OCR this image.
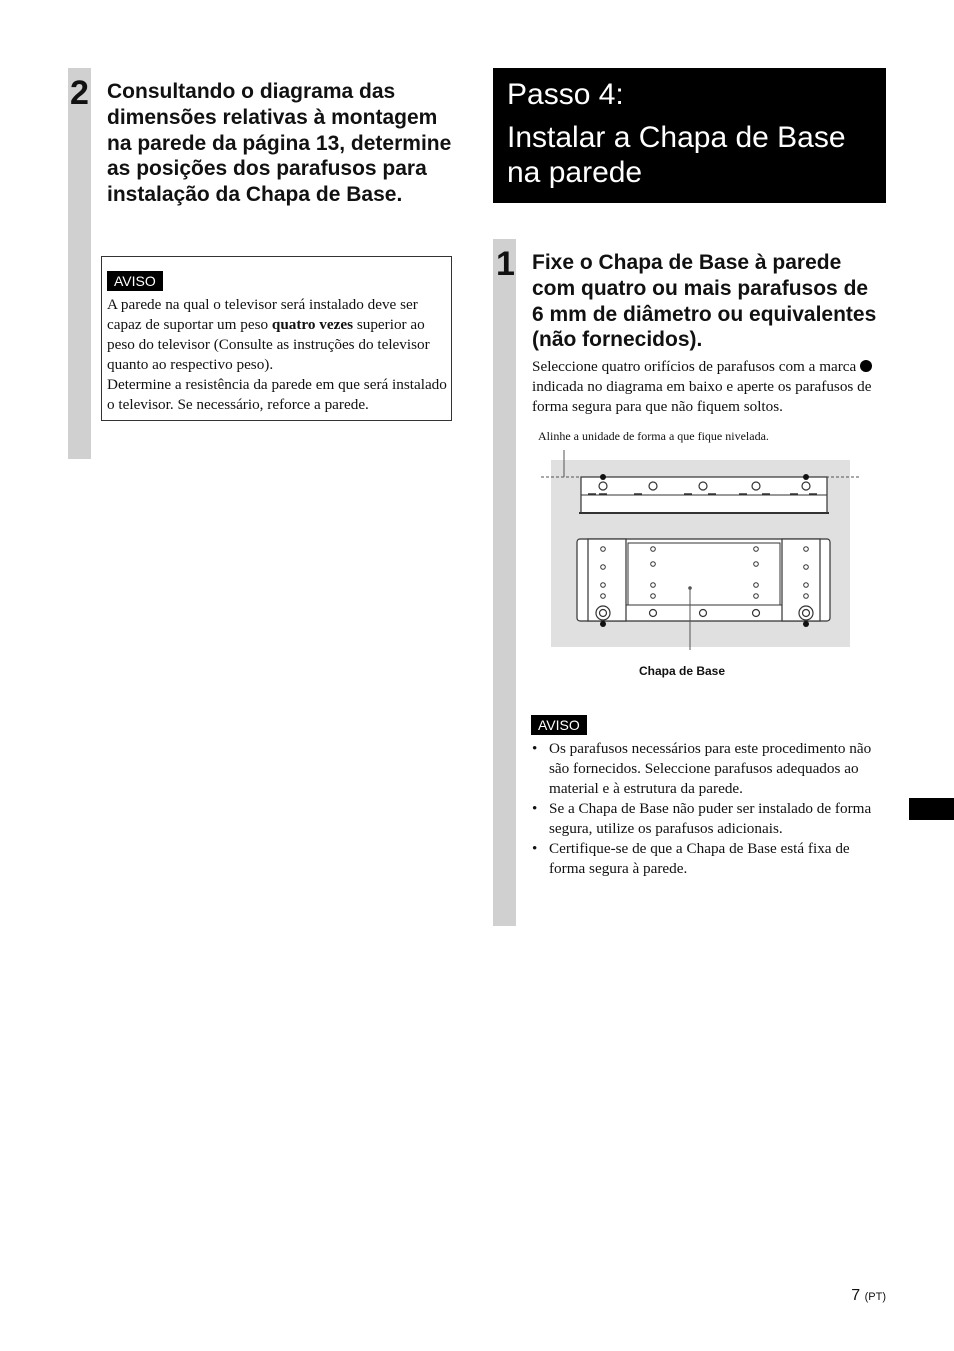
2 Consultando o diagrama das dimensões relativas à montagem na parede da página 13, determine as posições dos parafusos para instalação da Chapa de Base.
AVISO

A parede na qual o televisor será instalado deve ser capaz de suportar um peso quatro vezes superior ao peso do televisor (Consulte as instruções do televisor quanto ao respectivo peso).
Determine a resistência da parede em que será instalado o televisor. Se necessário, reforce a parede.

Passo 4:
Instalar a Chapa de Base na parede
1 Fixe o Chapa de Base à parede com quatro ou mais parafusos de 6 mm de diâmetro ou equivalentes (não fornecidos).

Seleccione quatro orifícios de parafusos com a marca  indicada no diagrama em baixo e aperte os parafusos de forma segura para que não fiquem soltos.

Alinhe a unidade de forma a que fique nivelada.
Chapa de Base
AVISO
• Os parafusos necessários para este procedimento não são fornecidos. Seleccione parafusos adequados ao material e à estrutura da parede.
• Se a Chapa de Base não puder ser instalado de forma segura, utilize os parafusos adicionais.
• Certifique-se de que a Chapa de Base está fixa de forma segura à parede.
7 (PT)
